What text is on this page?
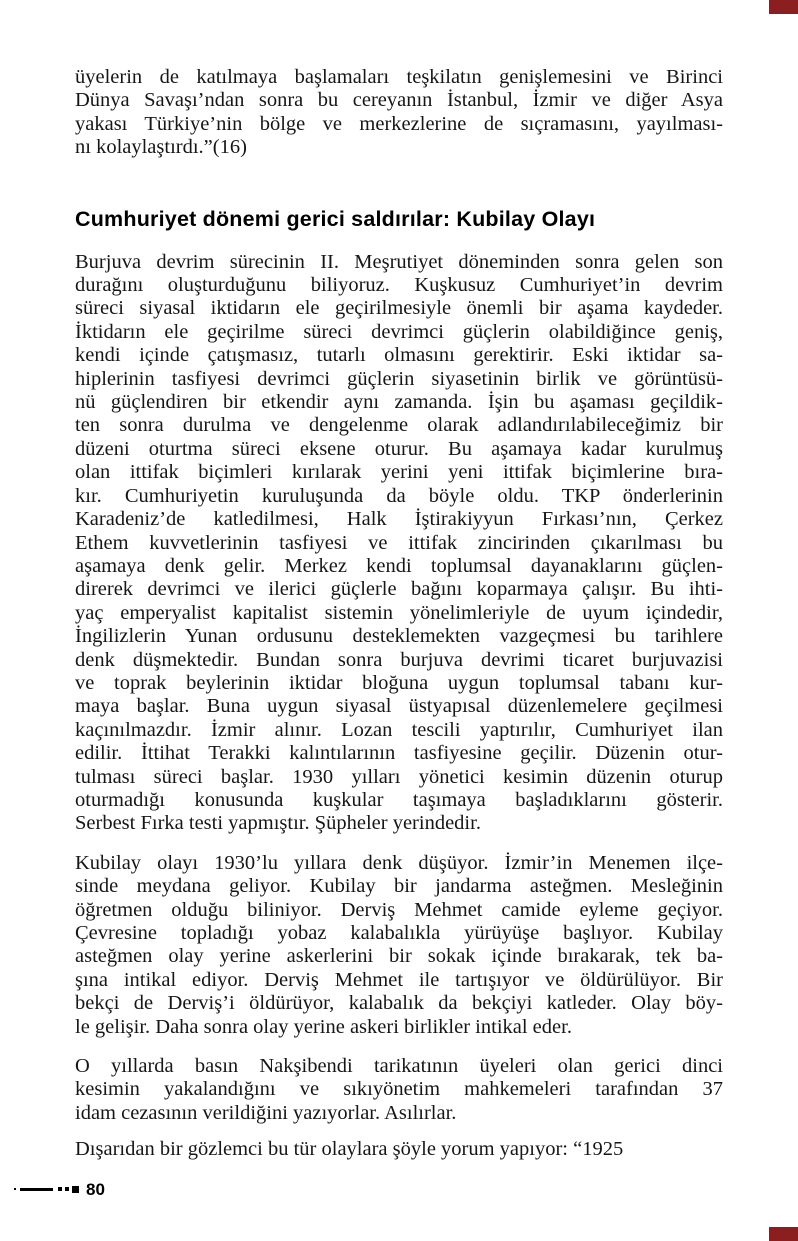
üyelerin de katılmaya başlamaları teşkilatın genişlemesini ve Birinci
Dünya Savaşı’ndan sonra bu cereyanın İstanbul, İzmir ve diğer Asya
yakası Türkiye’nin bölge ve merkezlerine de sıçramasını, yayılması-
nı kolaylaştırdı.”(16)
Cumhuriyet dönemi gerici saldırılar: Kubilay Olayı
Burjuva devrim sürecinin II. Meşrutiyet döneminden sonra gelen son
durağını oluşturduğunu biliyoruz. Kuşkusuz Cumhuriyet’in devrim
süreci siyasal iktidarın ele geçirilmesiyle önemli bir aşama kaydeder.
İktidarın ele geçirilme süreci devrimci güçlerin olabildiğince geniş,
kendi içinde çatışmasız, tutarlı olmasını gerektirir. Eski iktidar sa-
hiplerinin tasfiyesi devrimci güçlerin siyasetinin birlik ve görüntüsü-
nü güçlendiren bir etkendir aynı zamanda. İşin bu aşaması geçildik-
ten sonra durulma ve dengelenme olarak adlandırılabileceğimiz bir
düzeni oturtma süreci eksene oturur. Bu aşamaya kadar kurulmuş
olan ittifak biçimleri kırılarak yerini yeni ittifak biçimlerine bıra-
kır. Cumhuriyetin kuruluşunda da böyle oldu. TKP önderlerinin
Karadeniz’de katledilmesi, Halk İştirakiyyun Fırkası’nın, Çerkez
Ethem kuvvetlerinin tasfiyesi ve ittifak zincirinden çıkarılması bu
aşamaya denk gelir. Merkez kendi toplumsal dayanaklarını güçlen-
direrek devrimci ve ilerici güçlerle bağını koparmaya çalışır. Bu ihti-
yaç emperyalist kapitalist sistemin yönelimleriyle de uyum içindedir,
İngilizlerin Yunan ordusunu desteklemekten vazgeçmesi bu tarihlere
denk düşmektedir. Bundan sonra burjuva devrimi ticaret burjuvazisi
ve toprak beylerinin iktidar bloğuna uygun toplumsal tabanı kur-
maya başlar. Buna uygun siyasal üstyapısal düzenlemelere geçilmesi
kaçınılmazdır. İzmir alınır. Lozan tescili yaptırılır, Cumhuriyet ilan
edilir. İttihat Terakki kalıntılarının tasfiyesine geçilir. Düzenin otur-
tulması süreci başlar. 1930 yılları yönetici kesimin düzenin oturup
oturmadığı konusunda kuşkular taşımaya başladıklarını gösterir.
Serbest Fırka testi yapmıştır. Şüpheler yerindedir.
Kubilay olayı 1930’lu yıllara denk düşüyor. İzmir’in Menemen ilçe-
sinde meydana geliyor. Kubilay bir jandarma asteğmen. Mesleğinin
öğretmen olduğu biliniyor. Derviş Mehmet camide eyleme geçiyor.
Çevresine topladığı yobaz kalabalıkla yürüyüşe başlıyor. Kubilay
asteğmen olay yerine askerlerini bir sokak içinde bırakarak, tek ba-
şına intikal ediyor. Derviş Mehmet ile tartışıyor ve öldürülüyor. Bir
bekçi de Derviş’i öldürüyor, kalabalık da bekçiyi katleder. Olay böy-
le gelişir. Daha sonra olay yerine askeri birlikler intikal eder.
O yıllarda basın Nakşibendi tarikatının üyeleri olan gerici dinci
kesimin yakalandığını ve sıkıyönetim mahkemeleri tarafından 37
idam cezasının verildiğini yazıyorlar. Asılırlar.
Dışarıdan bir gözlemci bu tür olaylara şöyle yorum yapıyor: “1925
80
